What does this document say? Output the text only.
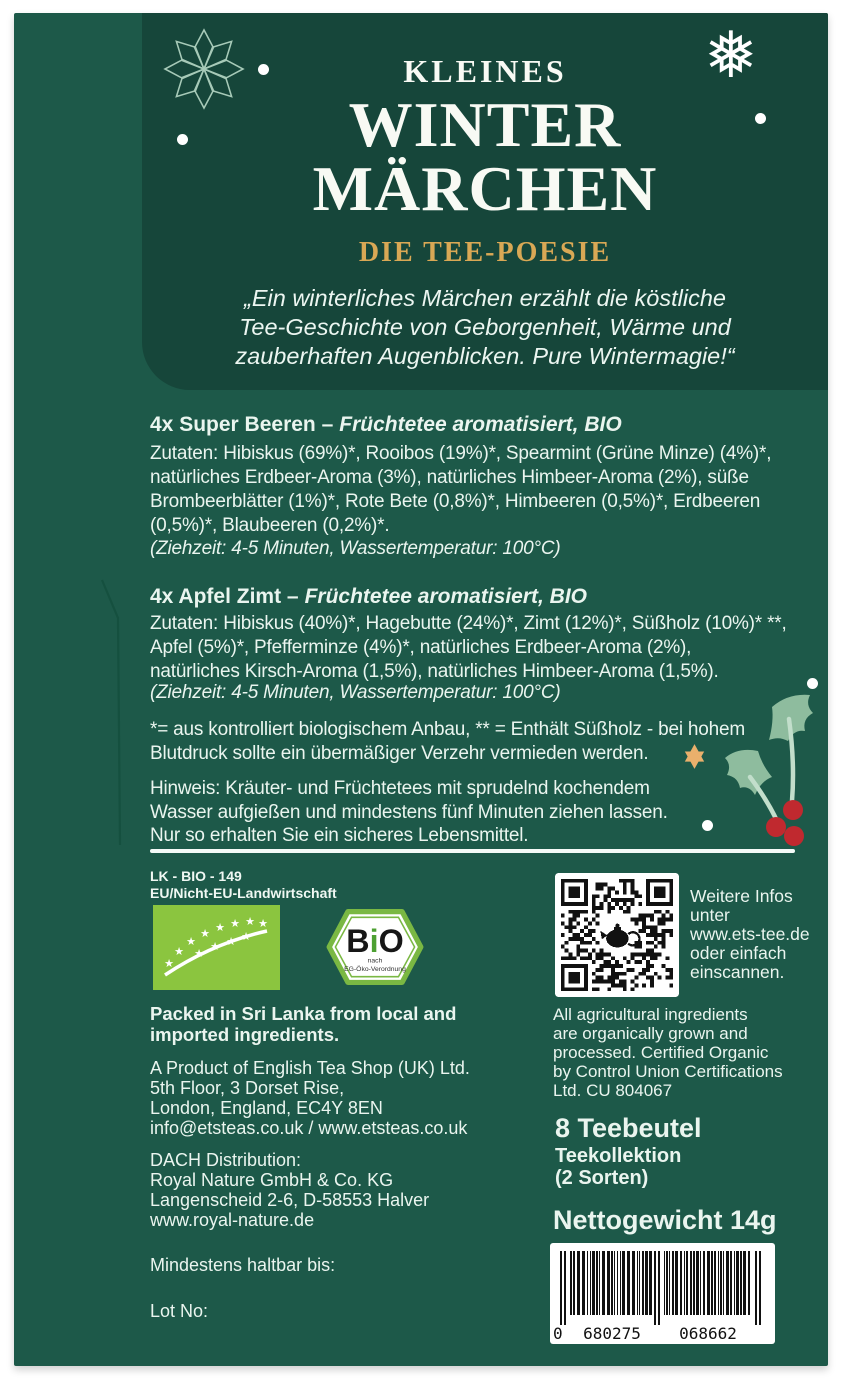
❅
KLEINES
WINTER
MÄRCHEN
DIE TEE-POESIE
„Ein winterliches Märchen erzählt die köstliche
Tee-Geschichte von Geborgenheit, Wärme und
zauberhaften Augenblicken. Pure Wintermagie!“
4x Super Beeren – Früchtetee aromatisiert, BIO
Zutaten: Hibiskus (69%)*, Rooibos (19%)*, Spearmint (Grüne Minze) (4%)*,
natürliches Erdbeer-Aroma (3%), natürliches Himbeer-Aroma (2%), süße
Brombeerblätter (1%)*, Rote Bete (0,8%)*, Himbeeren (0,5%)*, Erdbeeren
(0,5%)*, Blaubeeren (0,2%)*.
(Ziehzeit: 4-5 Minuten, Wassertemperatur: 100°C)
4x Apfel Zimt – Früchtetee aromatisiert, BIO
Zutaten: Hibiskus (40%)*, Hagebutte (24%)*, Zimt (12%)*, Süßholz (10%)* **,
Apfel (5%)*, Pfefferminze (4%)*, natürliches Erdbeer-Aroma (2%),
natürliches Kirsch-Aroma (1,5%), natürliches Himbeer-Aroma (1,5%).
(Ziehzeit: 4-5 Minuten, Wassertemperatur: 100°C)
*= aus kontrolliert biologischem Anbau, ** = Enthält Süßholz - bei hohem
Blutdruck sollte ein übermäßiger Verzehr vermieden werden.
Hinweis: Kräuter- und Früchtetees mit sprudelnd kochendem
Wasser aufgießen und mindestens fünf Minuten ziehen lassen.
Nur so erhalten Sie ein sicheres Lebensmittel.
LK - BIO - 149
EU/Nicht-EU-Landwirtschaft
★
★
★
★ ★ ★ ★ ★
★
★ ★ ★	BiO
nach
EG-Öko-Verordnung
Weitere Infos
unter
www.ets-tee.de
oder einfach
einscannen.
Packed in Sri Lanka from local and
imported ingredients.
A Product of English Tea Shop (UK) Ltd.
5th Floor, 3 Dorset Rise,
London, England, EC4Y 8EN
info@etsteas.co.uk / www.etsteas.co.uk
DACH Distribution:
Royal Nature GmbH & Co. KG
Langenscheid 2-6, D-58553 Halver
www.royal-nature.de
Mindestens haltbar bis:
Lot No:
All agricultural ingredients
are organically grown and
processed. Certified Organic
by Control Union Certifications
Ltd. CU 804067
8 Teebeutel
Teekollektion
(2 Sorten)
Nettogewicht 14g
0 680275 068662
